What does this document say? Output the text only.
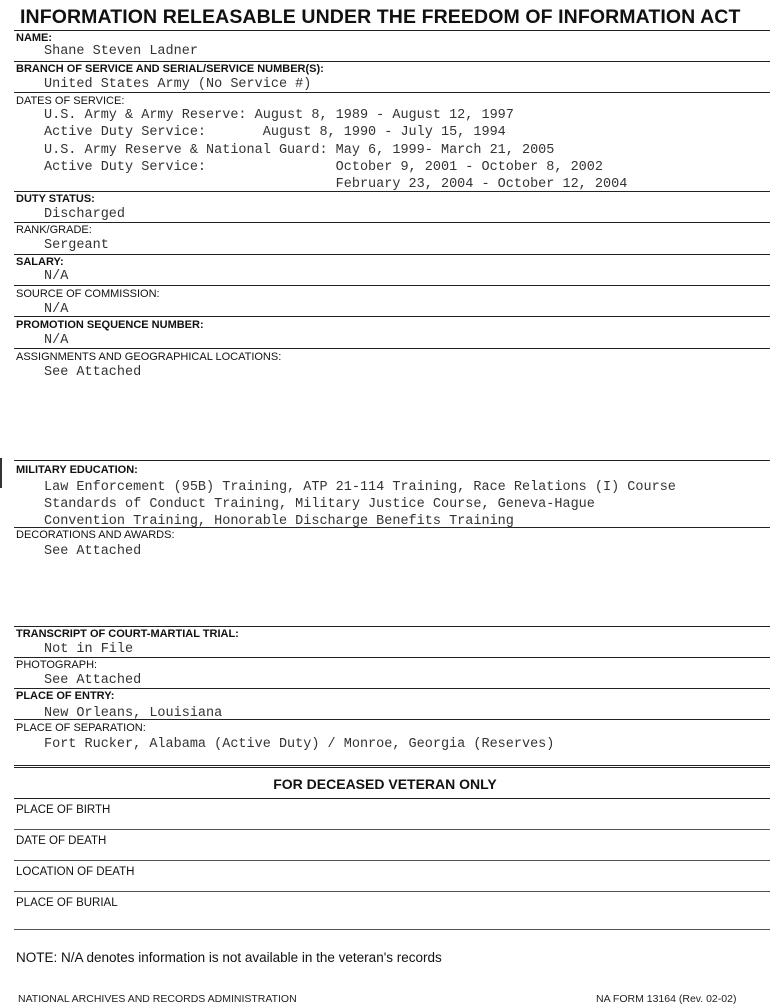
INFORMATION RELEASABLE UNDER THE FREEDOM OF INFORMATION ACT
NAME:
Shane Steven Ladner
BRANCH OF SERVICE AND SERIAL/SERVICE NUMBER(S):
United States Army (No Service #)
DATES OF SERVICE:
U.S. Army & Army Reserve: August 8, 1989 - August 12, 1997
Active Duty Service:       August 8, 1990 - July 15, 1994
U.S. Army Reserve & National Guard: May 6, 1999- March 21, 2005
Active Duty Service:                October 9, 2001 - October 8, 2002
February 23, 2004 - October 12, 2004
DUTY STATUS:
Discharged
RANK/GRADE:
Sergeant
SALARY:
N/A
SOURCE OF COMMISSION:
N/A
PROMOTION SEQUENCE NUMBER:
N/A
ASSIGNMENTS AND GEOGRAPHICAL LOCATIONS:
See Attached
MILITARY EDUCATION:
Law Enforcement (95B) Training, ATP 21-114 Training, Race Relations (I) Course
Standards of Conduct Training, Military Justice Course, Geneva-Hague
Convention Training, Honorable Discharge Benefits Training
DECORATIONS AND AWARDS:
See Attached
TRANSCRIPT OF COURT-MARTIAL TRIAL:
Not in File
PHOTOGRAPH:
See Attached
PLACE OF ENTRY:
New Orleans, Louisiana
PLACE OF SEPARATION:
Fort Rucker, Alabama (Active Duty) / Monroe, Georgia (Reserves)
FOR DECEASED VETERAN ONLY
PLACE OF BIRTH
DATE OF DEATH
LOCATION OF DEATH
PLACE OF BURIAL
NOTE: N/A denotes information is not available in the veteran's records
NATIONAL ARCHIVES AND RECORDS ADMINISTRATION	NA FORM 13164 (Rev. 02-02)
